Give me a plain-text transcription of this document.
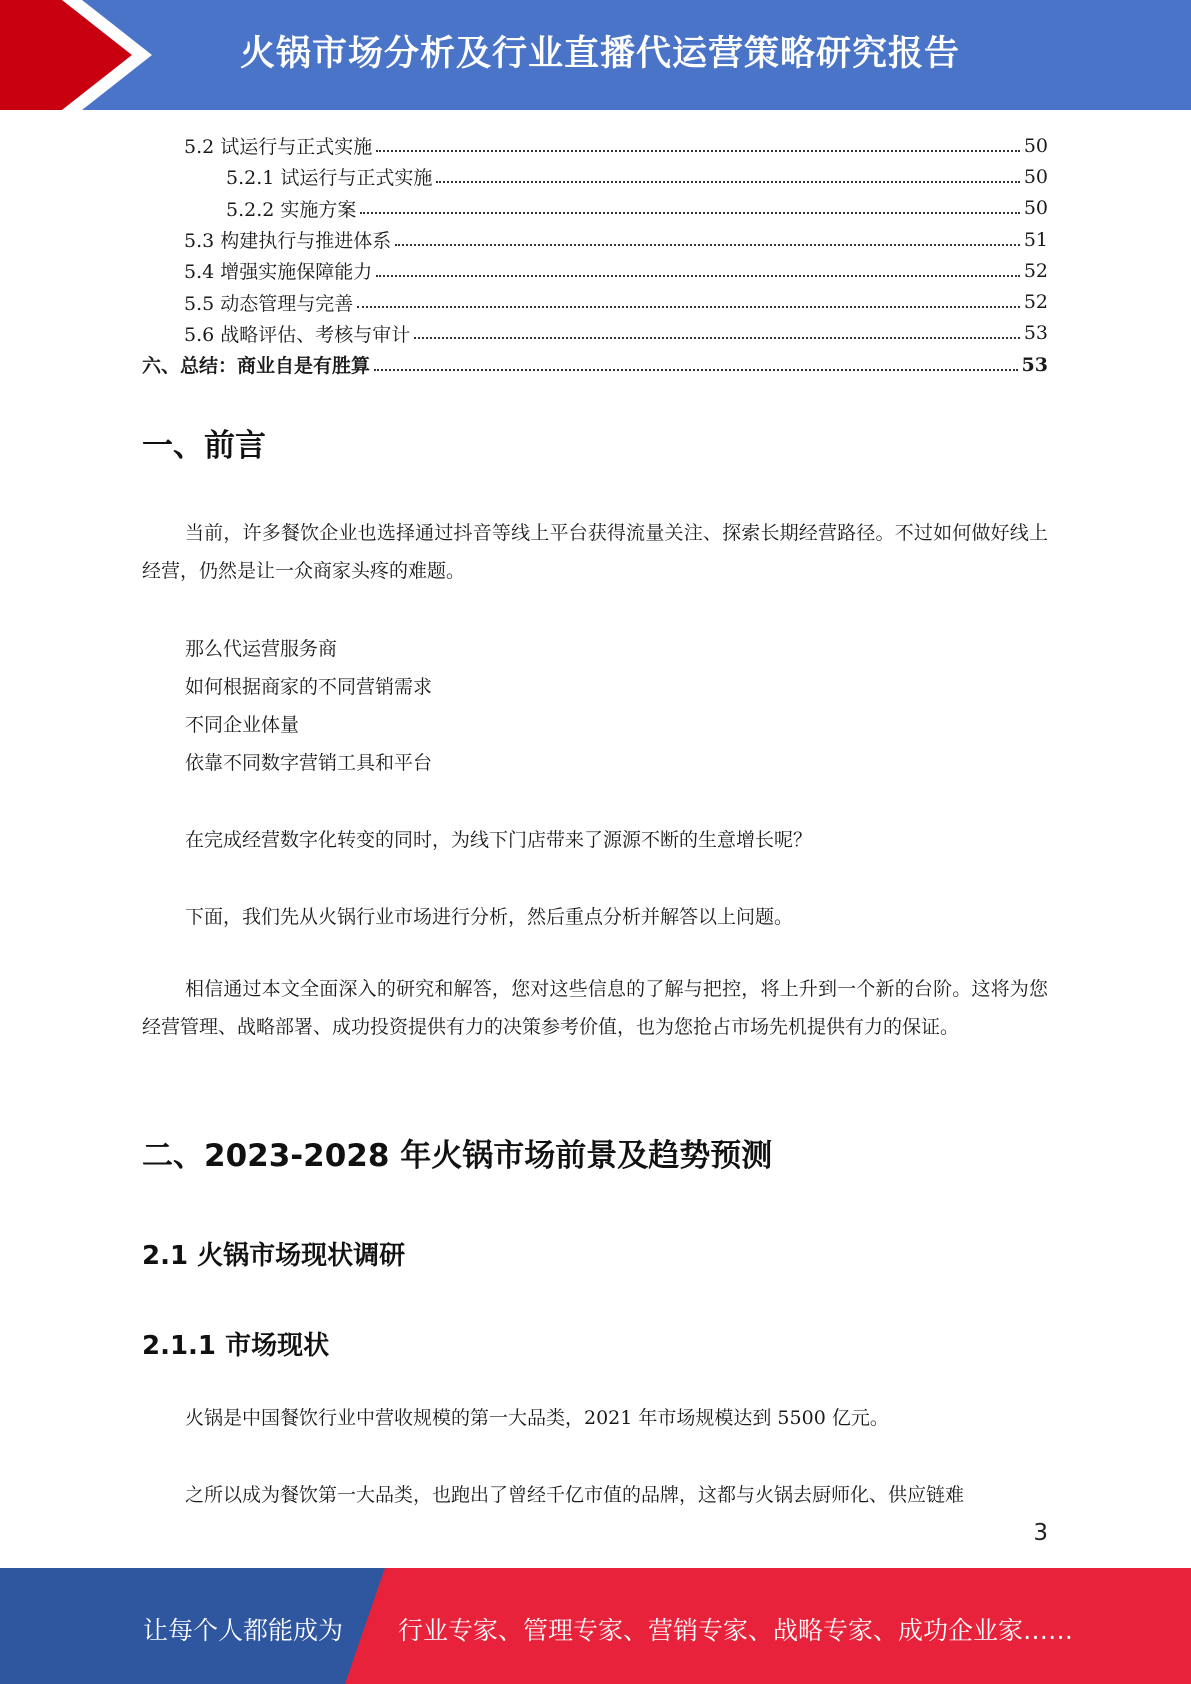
火锅市场分析及行业直播代运营策略研究报告
5.2 试运行与正式实施	50
5.2.1 试运行与正式实施	50
5.2.2 实施方案	50
5.3 构建执行与推进体系	51
5.4 增强实施保障能力	52
5.5 动态管理与完善	52
5.6 战略评估、考核与审计	53
六、总结：商业自是有胜算	53
一、前言
当前，许多餐饮企业也选择通过抖音等线上平台获得流量关注、探索长期经营路径。不过如何做好线上经营，仍然是让一众商家头疼的难题。
那么代运营服务商
如何根据商家的不同营销需求
不同企业体量
依靠不同数字营销工具和平台
在完成经营数字化转变的同时，为线下门店带来了源源不断的生意增长呢？
下面，我们先从火锅行业市场进行分析，然后重点分析并解答以上问题。
相信通过本文全面深入的研究和解答，您对这些信息的了解与把控，将上升到一个新的台阶。这将为您经营管理、战略部署、成功投资提供有力的决策参考价值，也为您抢占市场先机提供有力的保证。
二、2023-2028 年火锅市场前景及趋势预测
2.1 火锅市场现状调研
2.1.1 市场现状
火锅是中国餐饮行业中营收规模的第一大品类，2021 年市场规模达到 5500 亿元。
之所以成为餐饮第一大品类，也跑出了曾经千亿市值的品牌，这都与火锅去厨师化、供应链难
3
让每个人都能成为 行业专家、管理专家、营销专家、战略专家、成功企业家……
